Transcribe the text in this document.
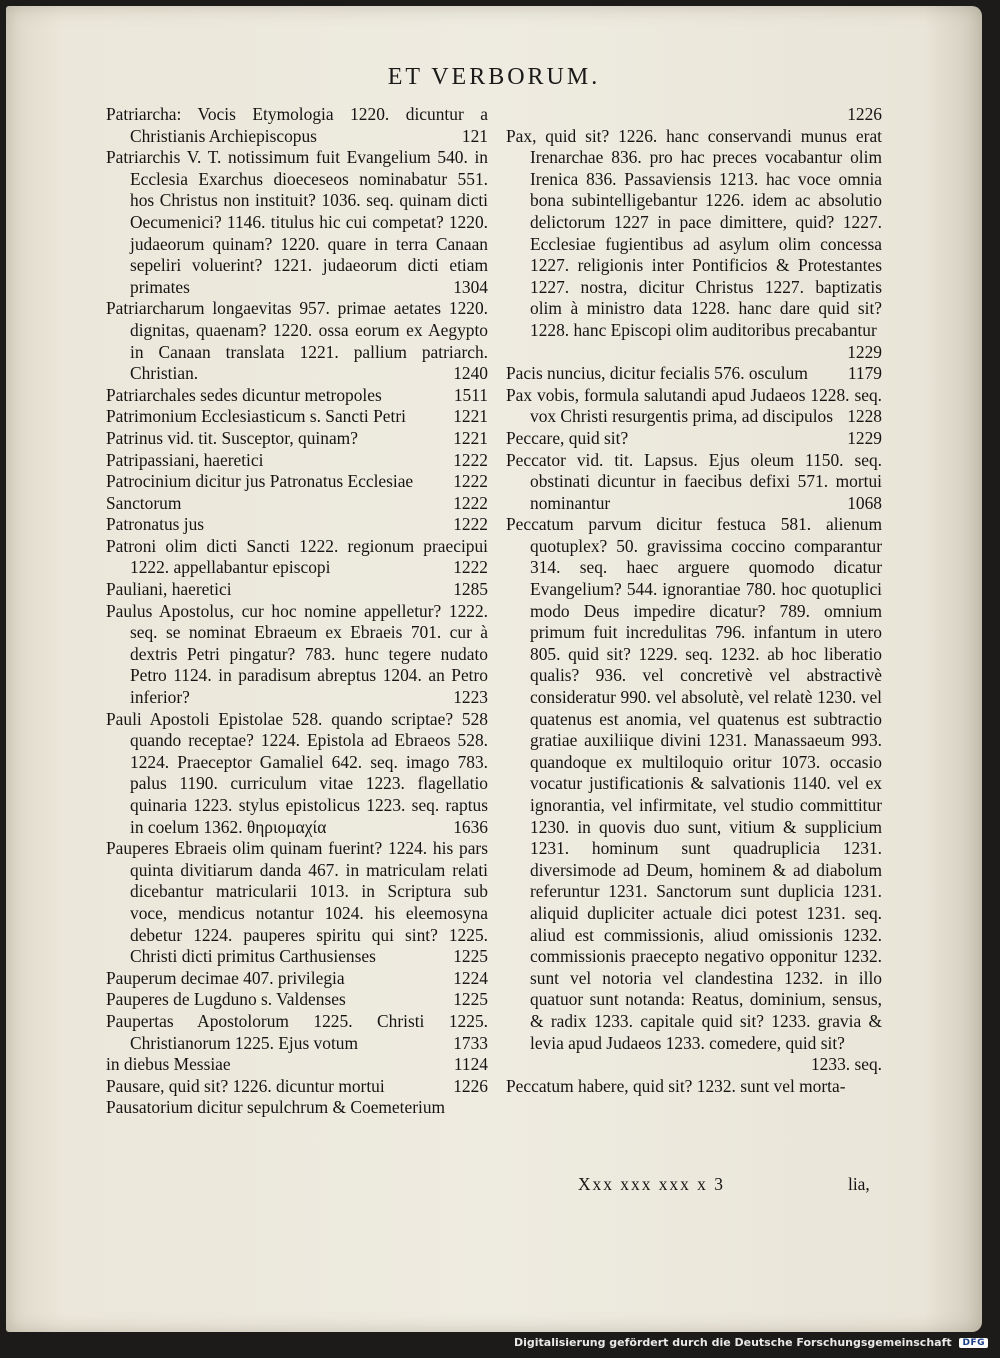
ET VERBORUM.
Patriarcha: Vocis Etymologia 1220. dicuntur a Christianis Archiepiscopus	121
Patriarchis V. T. notissimum fuit Evangelium 540. in Ecclesia Exarchus dioeceseos nominabatur 551. hos Christus non instituit? 1036. seq. quinam dicti Oecumenici? 1146. titulus hic cui competat? 1220. judaeorum quinam? 1220. quare in terra Canaan sepeliri voluerint? 1221. judaeorum dicti etiam primates	1304
Patriarcharum longaevitas 957. primae aetates 1220. dignitas, quaenam? 1220. ossa eorum ex Aegypto in Canaan translata 1221. pallium patriarch. Christian.	1240
Patriarchales sedes dicuntur metropoles	1511
Patrimonium Ecclesiasticum s. Sancti Petri	1221
Patrinus vid. tit. Susceptor, quinam?	1221
Patripassiani, haeretici	1222
Patrocinium dicitur jus Patronatus Ecclesiae 1222
Sanctorum	1222
Patronatus jus	1222
Patroni olim dicti Sancti 1222. regionum praecipui 1222. appellabantur episcopi	1222
Pauliani, haeretici	1285
Paulus Apostolus, cur hoc nomine appelletur? 1222. seq. se nominat Ebraeum ex Ebraeis 701. cur à dextris Petri pingatur? 783. hunc tegere nudato Petro 1124. in paradisum abreptus 1204. an Petro inferior?	1223
Pauli Apostoli Epistolae 528. quando scriptae? 528 quando receptae? 1224. Epistola ad Ebraeos 528. 1224. Praeceptor Gamaliel 642. seq. imago 783. palus 1190. curriculum vitae 1223. flagellatio quinaria 1223. stylus epistolicus 1223. seq. raptus in coelum 1362. θηριομαχία	1636
Pauperes Ebraeis olim quinam fuerint? 1224. his pars quinta divitiarum danda 467. in matriculam relati dicebantur matricularii 1013. in Scriptura sub voce, mendicus notantur 1024. his eleemosyna debetur 1224. pauperes spiritu qui sint? 1225. Christi dicti primitus Carthusienses	1225
Pauperum decimae 407. privilegia	1224
Pauperes de Lugduno s. Valdenses	1225
Paupertas Apostolorum 1225. Christi 1225. Christianorum 1225. Ejus votum	1733
in diebus Messiae	1124
Pausare, quid sit? 1226. dicuntur mortui	1226
Pausatorium dicitur sepulchrum & Coemeterium
1226
Pax, quid sit? 1226. hanc conservandi munus erat Irenarchae 836. pro hac preces vocabantur olim Irenica 836. Passaviensis 1213. hac voce omnia bona subintelligebantur 1226. idem ac absolutio delictorum 1227 in pace dimittere, quid? 1227. Ecclesiae fugientibus ad asylum olim concessa 1227. religionis inter Pontificios & Protestantes 1227. nostra, dicitur Christus 1227. baptizatis olim à ministro data 1228. hanc dare quid sit? 1228. hanc Episcopi olim auditoribus precabantur
1229
Pacis nuncius, dicitur fecialis 576. osculum 1179
Pax vobis, formula salutandi apud Judaeos 1228. seq. vox Christi resurgentis prima, ad discipulos 1228
Peccare, quid sit?	1229
Peccator vid. tit. Lapsus. Ejus oleum 1150. seq. obstinati dicuntur in faecibus defixi 571. mortui nominantur	1068
Peccatum parvum dicitur festuca 581. alienum quotuplex? 50. gravissima coccino comparantur 314. seq. haec arguere quomodo dicatur Evangelium? 544. ignorantiae 780. hoc quotuplici modo Deus impedire dicatur? 789. omnium primum fuit incredulitas 796. infantum in utero 805. quid sit? 1229. seq. 1232. ab hoc liberatio qualis? 936. vel concretivè vel abstractivè consideratur 990. vel absolutè, vel relatè 1230. vel quatenus est anomia, vel quatenus est subtractio gratiae auxiliique divini 1231. Manassaeum 993. quandoque ex multiloquio oritur 1073. occasio vocatur justificationis & salvationis 1140. vel ex ignorantia, vel infirmitate, vel studio committitur 1230. in quovis duo sunt, vitium & supplicium 1231. hominum sunt quadruplicia 1231. diversimode ad Deum, hominem & ad diabolum referuntur 1231. Sanctorum sunt duplicia 1231. aliquid dupliciter actuale dici potest 1231. seq. aliud est commissionis, aliud omissionis 1232. commissionis praecepto negativo opponitur 1232. sunt vel notoria vel clandestina 1232. in illo quatuor sunt notanda: Reatus, dominium, sensus, & radix 1233. capitale quid sit? 1233. gravia & levia apud Judaeos 1233. comedere, quid sit?
1233. seq.
Peccatum habere, quid sit? 1232. sunt vel morta-
Xxx xxx xxx x 3	lia,
Digitalisierung gefördert durch die Deutsche Forschungsgemeinschaft DFG
